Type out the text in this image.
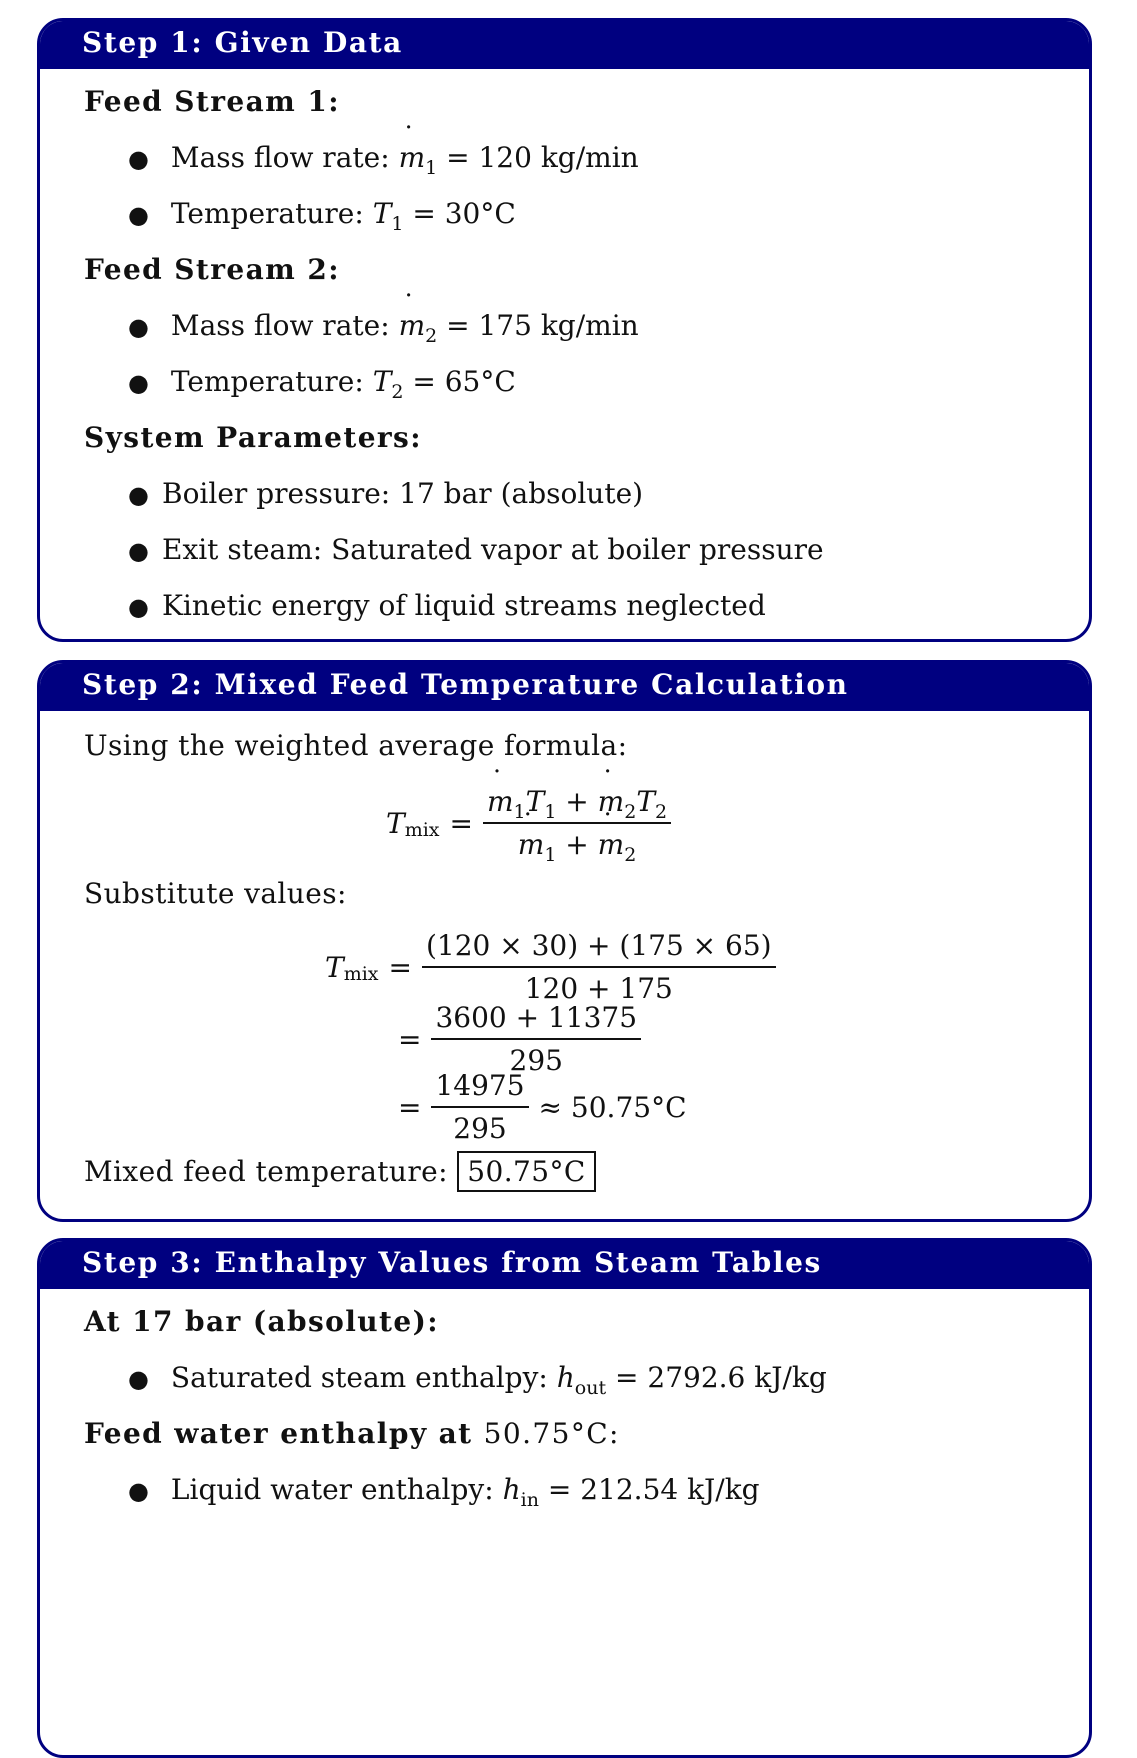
Step 1: Given Data
Feed Stream 1:
● Mass flow rate: ˙ $m_1 = 120$ kg/min
● Temperature: $T_1 = 30^\circ C$
Feed Stream 2:
● Mass flow rate: ˙ $m_2 = 175$ kg/min
● Temperature: $T_2 = 65^\circ C$
System Parameters:
● Boiler pressure: 17 bar (absolute)
● Exit steam: Saturated vapor at boiler pressure
● Kinetic energy of liquid streams neglected
Step 2: Mixed Feed Temperature Calculation
Using the weighted average formula:
T mix = ˙ $m_1T_1$ + ˙ $m_2T_2$
˙ $m_1$ + ˙ $m_2$
Substitute values:
T mix = $\frac{(120 \times 30) + (175 \times 65)}{120 + 175}$
= $\frac{3600 + 11375}{295}$
= $\frac{14975}{295} \approx 50.75^\circ C$
Mixed feed temperature: 50.75°C
Step 3: Enthalpy Values from Steam Tables
At 17 bar (absolute):
● Saturated steam enthalpy: $h_{out} = 2792.6$ kJ/kg
Feed water enthalpy at 50.75°C:
● Liquid water enthalpy: $h_{in} = 212.54$ kJ/kg
